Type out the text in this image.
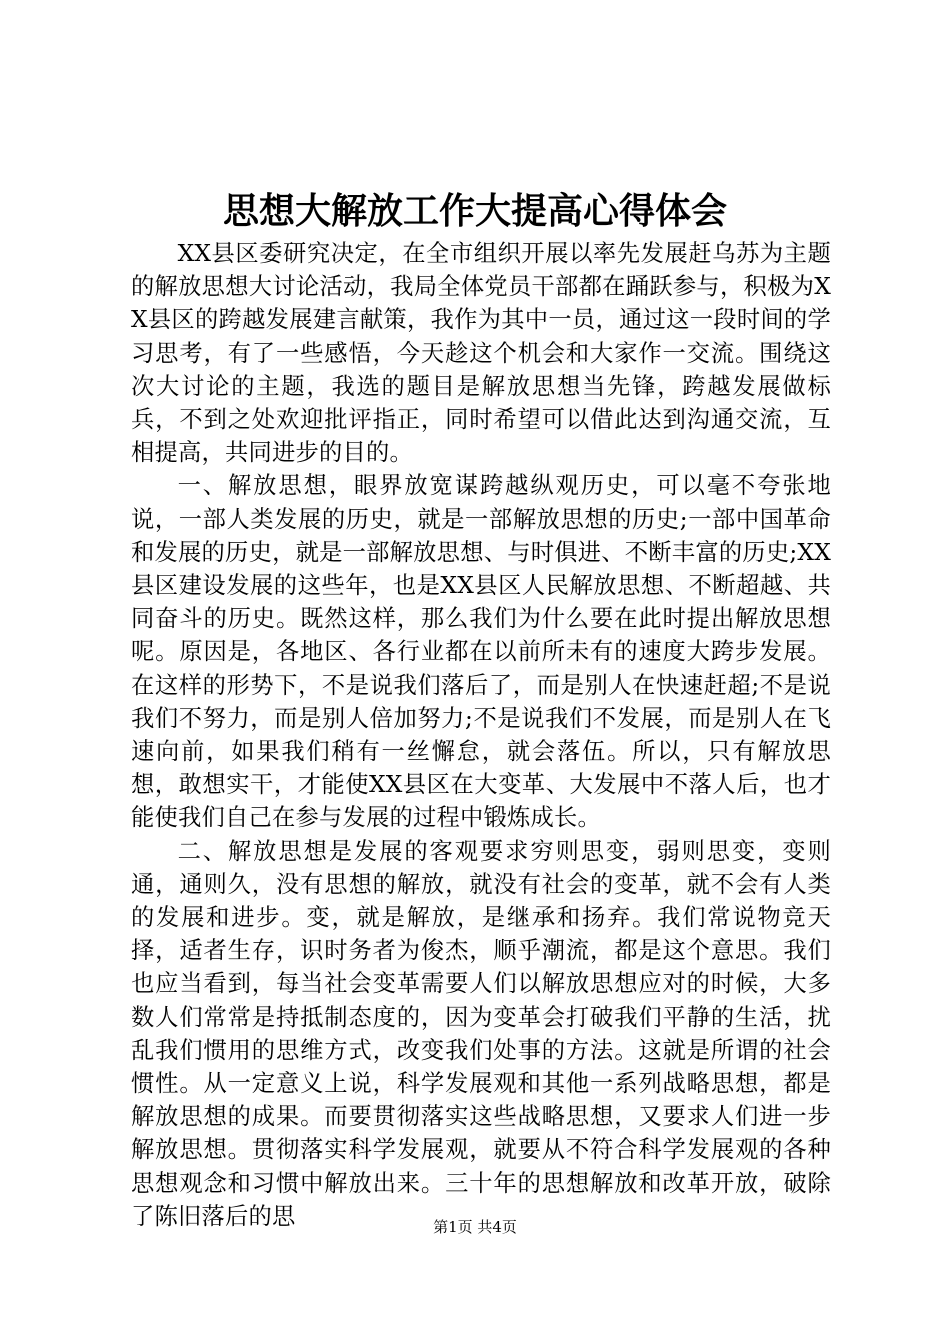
思想大解放工作大提高心得体会

XX县区委研究决定，在全市组织开展以率先发展赶乌苏为主题的解放思想大讨论活动，我局全体党员干部都在踊跃参与，积极为XX县区的跨越发展建言献策，我作为其中一员，通过这一段时间的学习思考，有了一些感悟，今天趁这个机会和大家作一交流。围绕这次大讨论的主题，我选的题目是解放思想当先锋，跨越发展做标兵，不到之处欢迎批评指正，同时希望可以借此达到沟通交流，互相提高，共同进步的目的。

一、解放思想，眼界放宽谋跨越纵观历史，可以毫不夸张地说，一部人类发展的历史，就是一部解放思想的历史;一部中国革命和发展的历史，就是一部解放思想、与时俱进、不断丰富的历史;XX县区建设发展的这些年，也是XX县区人民解放思想、不断超越、共同奋斗的历史。既然这样，那么我们为什么要在此时提出解放思想呢。原因是，各地区、各行业都在以前所未有的速度大跨步发展。在这样的形势下，不是说我们落后了，而是别人在快速赶超;不是说我们不努力，而是别人倍加努力;不是说我们不发展，而是别人在飞速向前，如果我们稍有一丝懈怠，就会落伍。所以，只有解放思想，敢想实干，才能使XX县区在大变革、大发展中不落人后，也才能使我们自己在参与发展的过程中锻炼成长。

二、解放思想是发展的客观要求穷则思变，弱则思变，变则通，通则久，没有思想的解放，就没有社会的变革，就不会有人类的发展和进步。变，就是解放，是继承和扬弃。我们常说物竞天择，适者生存，识时务者为俊杰，顺乎潮流，都是这个意思。我们也应当看到，每当社会变革需要人们以解放思想应对的时候，大多数人们常常是持抵制态度的，因为变革会打破我们平静的生活，扰乱我们惯用的思维方式，改变我们处事的方法。这就是所谓的社会惯性。从一定意义上说，科学发展观和其他一系列战略思想，都是解放思想的成果。而要贯彻落实这些战略思想，又要求人们进一步解放思想。贯彻落实科学发展观，就要从不符合科学发展观的各种思想观念和习惯中解放出来。三十年的思想解放和改革开放，破除了陈旧落后的思	第1页 共4页
